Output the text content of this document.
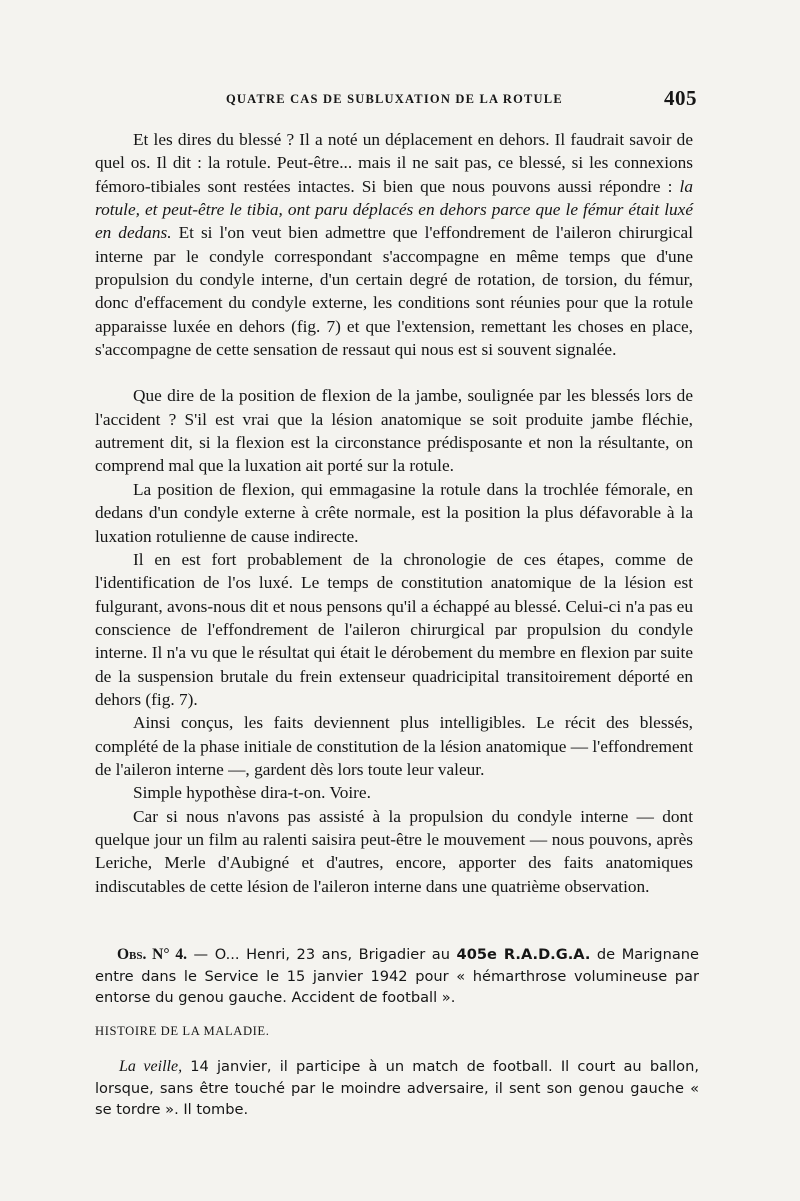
QUATRE CAS DE SUBLUXATION DE LA ROTULE	405

Et les dires du blessé ? Il a noté un déplacement en dehors. Il faudrait savoir de quel os. Il dit : la rotule. Peut-être... mais il ne sait pas, ce blessé, si les connexions fémoro-tibiales sont restées intactes. Si bien que nous pouvons aussi répondre : la rotule, et peut-être le tibia, ont paru déplacés en dehors parce que le fémur était luxé en dedans. Et si l'on veut bien admettre que l'effondrement de l'aileron chirurgical interne par le condyle correspondant s'accompagne en même temps que d'une propulsion du condyle interne, d'un certain degré de rotation, de torsion, du fémur, donc d'effacement du condyle externe, les conditions sont réunies pour que la rotule apparaisse luxée en dehors (fig. 7) et que l'extension, remettant les choses en place, s'accompagne de cette sensation de ressaut qui nous est si souvent signalée.

Que dire de la position de flexion de la jambe, soulignée par les blessés lors de l'accident ? S'il est vrai que la lésion anatomique se soit produite jambe fléchie, autrement dit, si la flexion est la circonstance prédisposante et non la résultante, on comprend mal que la luxation ait porté sur la rotule.

La position de flexion, qui emmagasine la rotule dans la trochlée fémorale, en dedans d'un condyle externe à crête normale, est la position la plus défavorable à la luxation rotulienne de cause indirecte.

Il en est fort probablement de la chronologie de ces étapes, comme de l'identification de l'os luxé. Le temps de constitution anatomique de la lésion est fulgurant, avons-nous dit et nous pensons qu'il a échappé au blessé. Celui-ci n'a pas eu conscience de l'effondrement de l'aileron chirurgical par propulsion du condyle interne. Il n'a vu que le résultat qui était le dérobement du membre en flexion par suite de la suspension brutale du frein extenseur quadricipital transitoirement déporté en dehors (fig. 7).

Ainsi conçus, les faits deviennent plus intelligibles. Le récit des blessés, complété de la phase initiale de constitution de la lésion anatomique — l'effondrement de l'aileron interne —, gardent dès lors toute leur valeur.

Simple hypothèse dira-t-on. Voire.

Car si nous n'avons pas assisté à la propulsion du condyle interne — dont quelque jour un film au ralenti saisira peut-être le mouvement — nous pouvons, après Leriche, Merle d'Aubigné et d'autres, encore, apporter des faits anatomiques indiscutables de cette lésion de l'aileron interne dans une quatrième observation.

Obs. N° 4. — O... Henri, 23 ans, Brigadier au 405e R.A.D.G.A. de Marignane entre dans le Service le 15 janvier 1942 pour « hémarthrose volumineuse par entorse du genou gauche. Accident de football ».

HISTOIRE DE LA MALADIE.

La veille, 14 janvier, il participe à un match de football. Il court au ballon, lorsque, sans être touché par le moindre adversaire, il sent son genou gauche « se tordre ». Il tombe.
